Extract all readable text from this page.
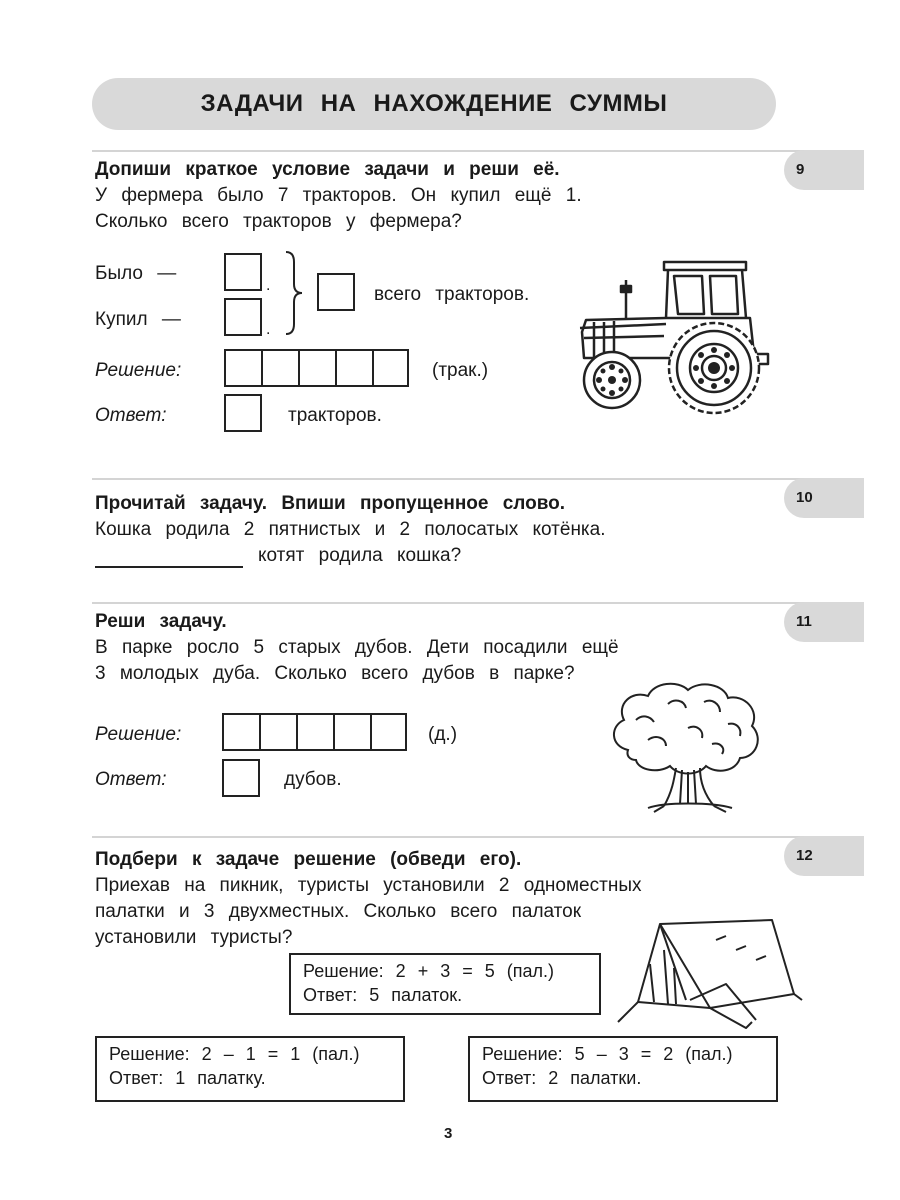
ЗАДАЧИ НА НАХОЖДЕНИЕ СУММЫ
9
Допиши краткое условие задачи и реши её.
У фермера было 7 тракторов. Он купил ещё 1.
Сколько всего тракторов у фермера?
Было —
.
Купил —	.
всего тракторов.
Решение:	(трак.)
Ответ:	тракторов.
10
Прочитай задачу. Впиши пропущенное слово.
Кошка родила 2 пятнистых и 2 полосатых котёнка.
котят родила кошка?
11
Реши задачу.
В парке росло 5 старых дубов. Дети посадили ещё
3 молодых дуба. Сколько всего дубов в парке?
Решение:	(д.)
Ответ:	дубов.
12
Подбери к задаче решение (обведи его).
Приехав на пикник, туристы установили 2 одноместных
палатки и 3 двухместных. Сколько всего палаток
установили туристы?
Решение: 2 + 3 = 5 (пал.)
Ответ: 5 палаток.
Решение: 2 – 1 = 1 (пал.)
Ответ: 1 палатку.
Решение: 5 – 3 = 2 (пал.)
Ответ: 2 палатки.
3
